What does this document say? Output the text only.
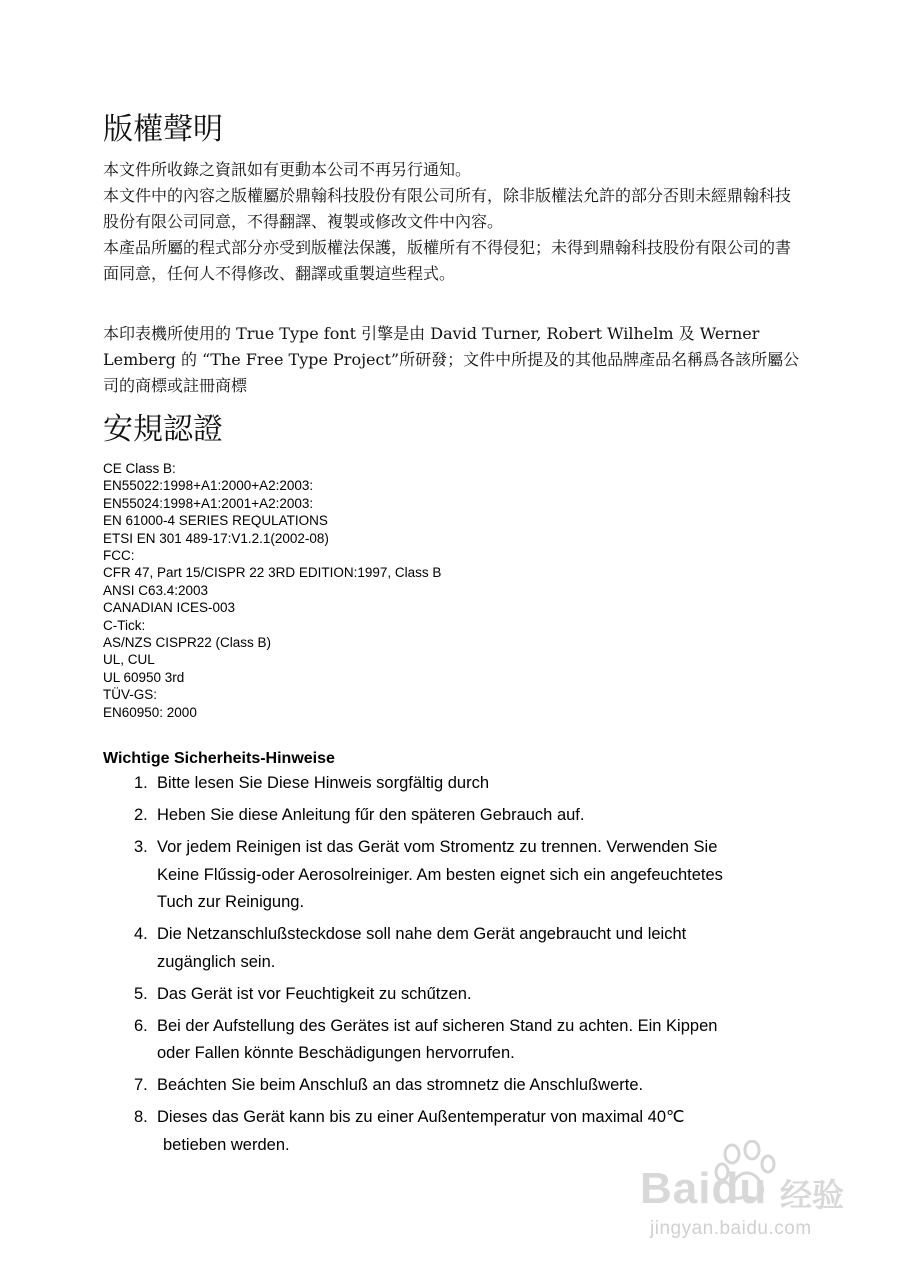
版權聲明

本文件所收錄之資訊如有更動本公司不再另行通知。

本文件中的內容之版權屬於鼎翰科技股份有限公司所有，除非版權法允許的部分否則未經鼎翰科技股份有限公司同意，不得翻譯、複製或修改文件中內容。

本產品所屬的程式部分亦受到版權法保護，版權所有不得侵犯；未得到鼎翰科技股份有限公司的書面同意，任何人不得修改、翻譯或重製這些程式。

本印表機所使用的 True Type font 引擎是由 David Turner, Robert Wilhelm 及 Werner Lemberg 的 “The Free Type Project”所研發；文件中所提及的其他品牌產品名稱爲各該所屬公司的商標或註冊商標

安規認證
CE Class B:
EN55022:1998+A1:2000+A2:2003:
EN55024:1998+A1:2001+A2:2003:
EN 61000-4 SERIES REQULATIONS
ETSI EN 301 489-17:V1.2.1(2002-08)
FCC:
CFR 47, Part 15/CISPR 22 3RD EDITION:1997, Class B
ANSI C63.4:2003
CANADIAN ICES-003
C-Tick:
AS/NZS CISPR22 (Class B)
UL, CUL
UL 60950 3rd
TÜV-GS:
EN60950: 2000
Wichtige Sicherheits-Hinweise
1. Bitte lesen Sie Diese Hinweis sorgfältig durch
2. Heben Sie diese Anleitung fűr den späteren Gebrauch auf.
3. Vor jedem Reinigen ist das Gerät vom Stromentz zu trennen. Verwenden Sie
Keine Flűssig-oder Aerosolreiniger. Am besten eignet sich ein angefeuchtetes
Tuch zur Reinigung.
4. Die Netzanschlußsteckdose soll nahe dem Gerät angebraucht und leicht
zugänglich sein.
5. Das Gerät ist vor Feuchtigkeit zu schűtzen.
6. Bei der Aufstellung des Gerätes ist auf sicheren Stand zu achten. Ein Kippen
oder Fallen könnte Beschädigungen hervorrufen.
7. Beáchten Sie beim Anschluß an das stromnetz die Anschlußwerte.
8. Dieses das Gerät kann bis zu einer Außentemperatur von maximal 40℃
betieben werden.
Baidu 经验
jingyan.baidu.com
